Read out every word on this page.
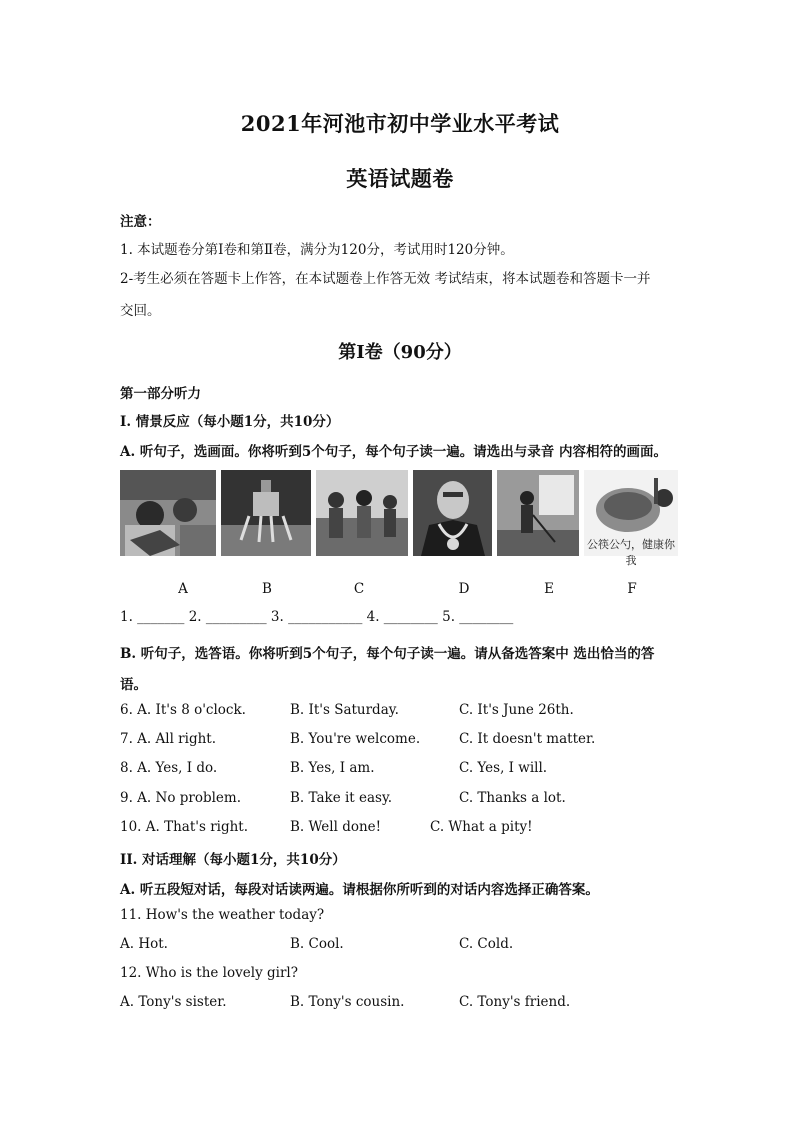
2021年河池市初中学业水平考试
英语试题卷
注意：
1. 本试题卷分第Ⅰ卷和第Ⅱ卷，满分为120分，考试用时120分钟。
2-考生必须在答题卡上作答，在本试题卷上作答无效 考试结束，将本试题卷和答题卡一并
交回。
第Ⅰ卷（90分）
第一部分听力
I. 情景反应（每小题1分，共10分）
A. 听句子，选画面。你将听到5个句子，每个句子读一遍。请选出与录音 内容相符的画面。
公筷公勺，健康你我
A	B	C	D	E	F
1. _______ 2. _________ 3. ___________ 4. ________ 5. ________
B. 听句子，选答语。你将听到5个句子，每个句子读一遍。请从备选答案中 选出恰当的答
语。
6. A. It's 8 o'clock.	B. It's Saturday.	C. It's June 26th.
7. A. All right.	B. You're welcome.	C. It doesn't matter.
8. A. Yes, I do.	B. Yes, I am.	C. Yes, I will.
9. A. No problem.	B. Take it easy.	C. Thanks a lot.
10. A. That's right.	B. Well done!	C. What a pity!
II. 对话理解（每小题1分，共10分）
A. 听五段短对话，每段对话读两遍。请根据你所听到的对话内容选择正确答案。
11. How's the weather today?
A. Hot.	B. Cool.	C. Cold.
12. Who is the lovely girl?
A. Tony's sister.	B. Tony's cousin.	C. Tony's friend.
